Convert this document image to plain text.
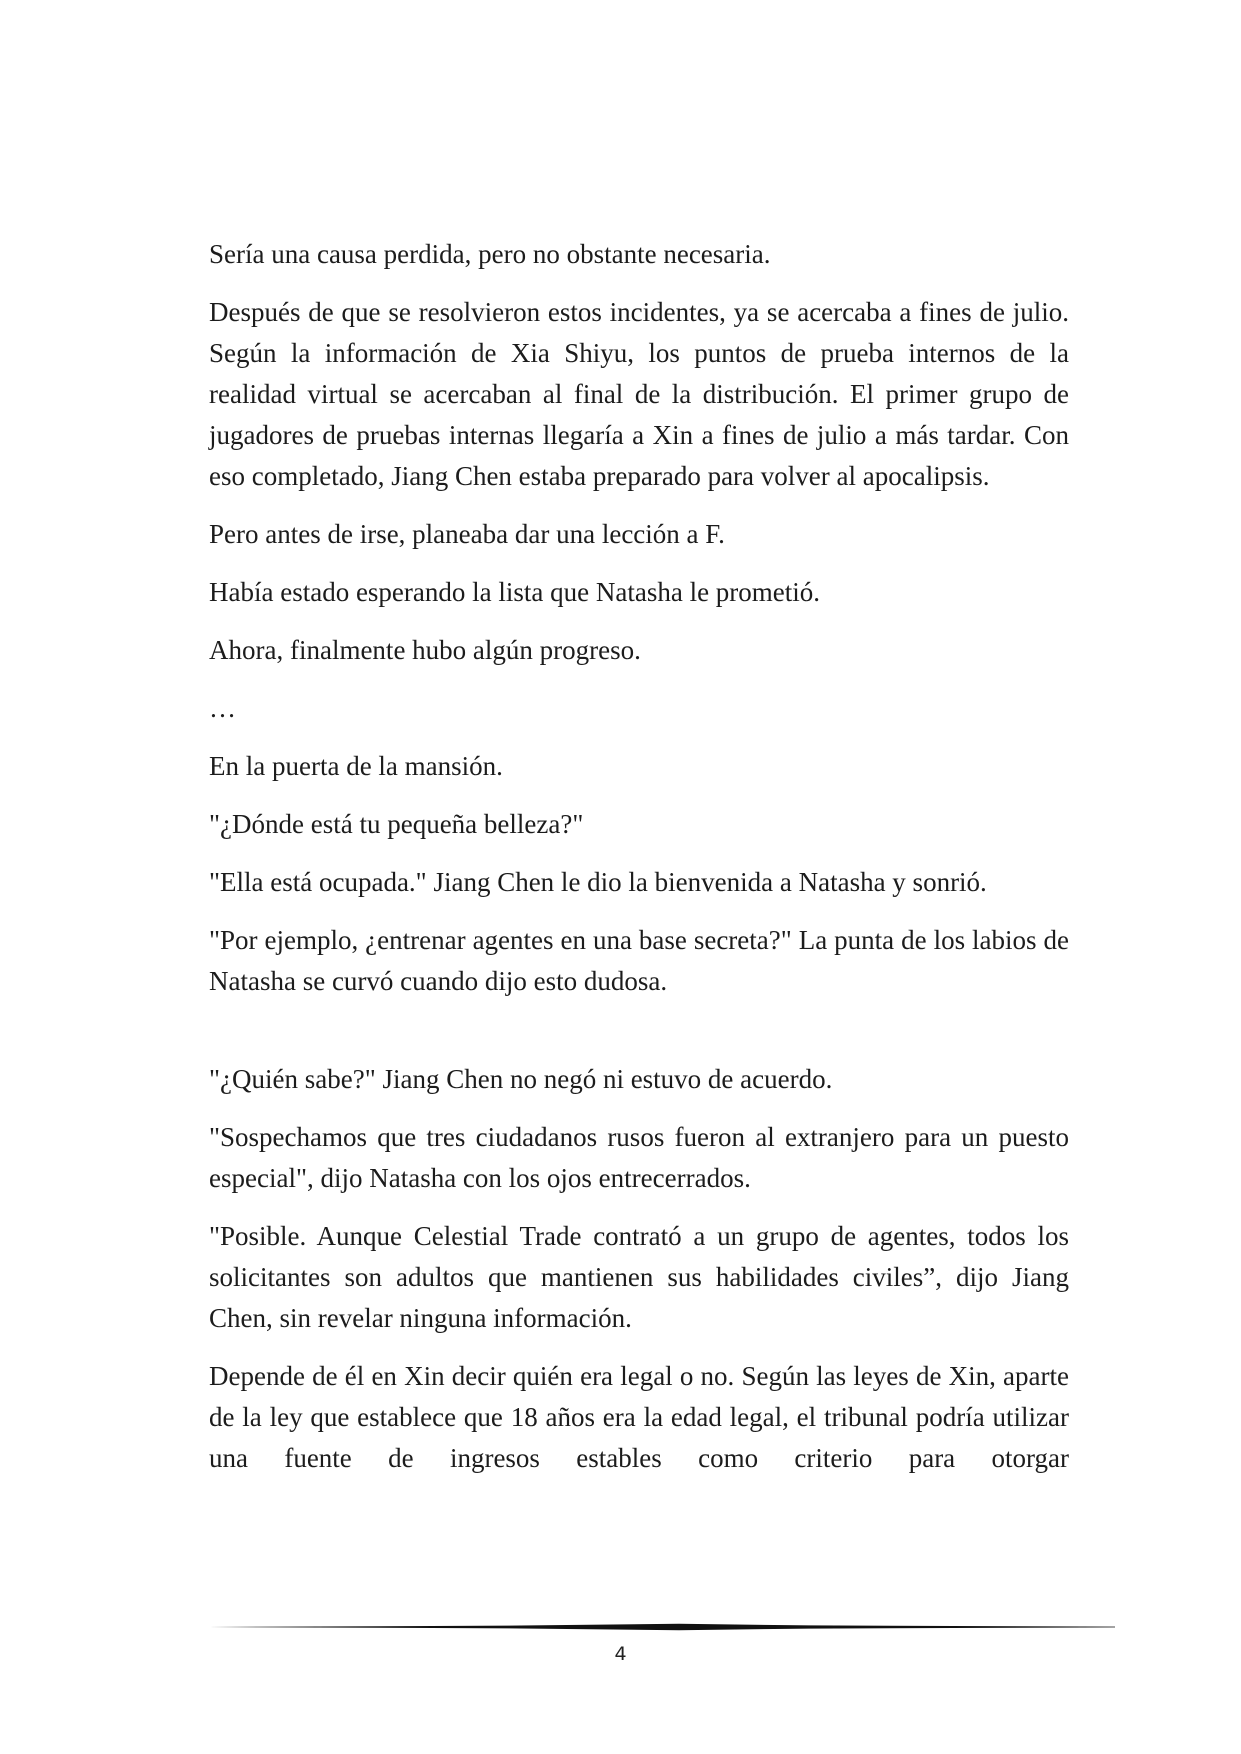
Sería una causa perdida, pero no obstante necesaria.

Después de que se resolvieron estos incidentes, ya se acercaba a fines de julio. Según la información de Xia Shiyu, los puntos de prueba internos de la realidad virtual se acercaban al final de la distribución. El primer grupo de jugadores de pruebas internas llegaría a Xin a fines de julio a más tardar. Con eso completado, Jiang Chen estaba preparado para volver al apocalipsis.

Pero antes de irse, planeaba dar una lección a F.

Había estado esperando la lista que Natasha le prometió.

Ahora, finalmente hubo algún progreso.

…

En la puerta de la mansión.

"¿Dónde está tu pequeña belleza?"

"Ella está ocupada." Jiang Chen le dio la bienvenida a Natasha y sonrió.

"Por ejemplo, ¿entrenar agentes en una base secreta?" La punta de los labios de Natasha se curvó cuando dijo esto dudosa.

"¿Quién sabe?" Jiang Chen no negó ni estuvo de acuerdo.

"Sospechamos que tres ciudadanos rusos fueron al extranjero para un puesto especial", dijo Natasha con los ojos entrecerrados.

"Posible. Aunque Celestial Trade contrató a un grupo de agentes, todos los solicitantes son adultos que mantienen sus habilidades civiles”, dijo Jiang Chen, sin revelar ninguna información.

Depende de él en Xin decir quién era legal o no. Según las leyes de Xin, aparte de la ley que establece que 18 años era la edad legal, el tribunal podría utilizar una fuente de ingresos estables como criterio para otorgar

4
